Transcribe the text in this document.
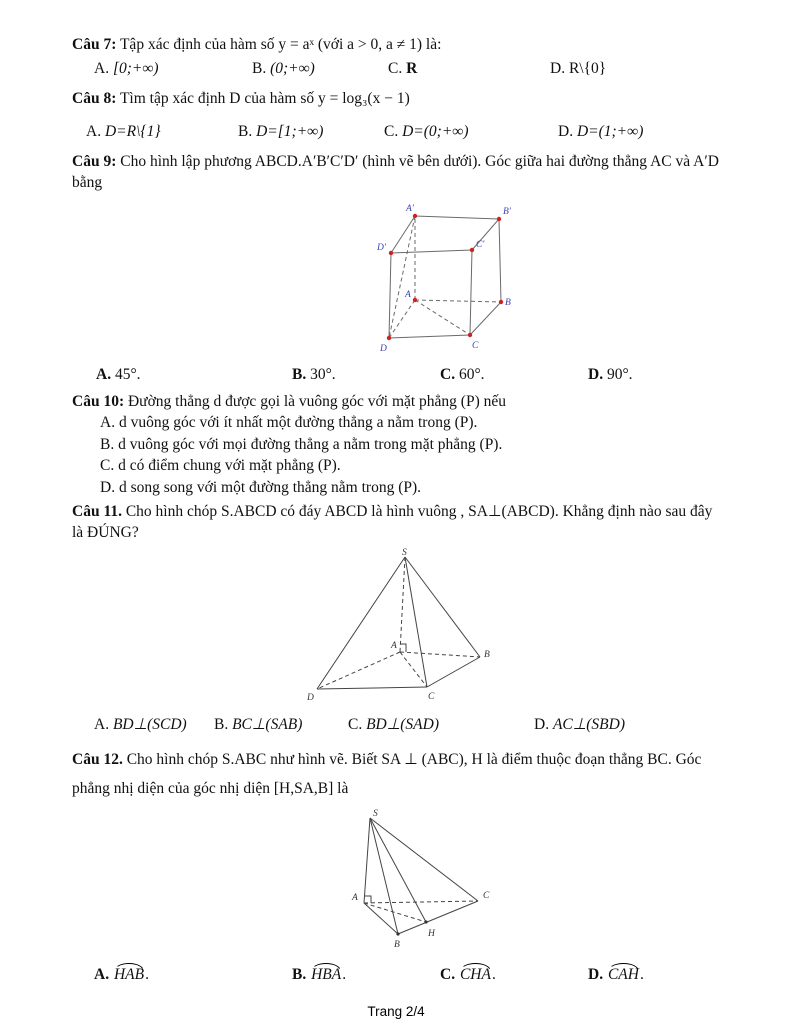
Câu 7: Tập xác định của hàm số y = aˣ (với a > 0, a ≠ 1) là:
A. [0;+∞)	B. (0;+∞)	C. R	D. R\{0}
Câu 8: Tìm tập xác định D của hàm số y = log₃(x − 1)
A. D=R\{1}	B. D=[1;+∞)	C. D=(0;+∞)	D. D=(1;+∞)
Câu 9: Cho hình lập phương ABCD.A′B′C′D′ (hình vẽ bên dưới). Góc giữa hai đường thẳng AC và A′D bằng
A′	B′
C′
D′
A
B
C
D
A. 45°.	B. 30°.	C. 60°.	D. 90°.
Câu 10: Đường thẳng d được gọi là vuông góc với mặt phẳng (P) nếu
A. d vuông góc với ít nhất một đường thẳng a nằm trong (P).
B. d vuông góc với mọi đường thẳng a nằm trong mặt phẳng (P).
C. d có điểm chung với mặt phẳng (P).
D. d song song với một đường thẳng nằm trong (P).
Câu 11. Cho hình chóp S.ABCD có đáy ABCD là hình vuông , SA⊥(ABCD). Khẳng định nào sau đây là ĐÚNG?
S
A
B
C
D
A. BD⊥(SCD)	B. BC⊥(SAB)	C. BD⊥(SAD)	D. AC⊥(SBD)
Câu 12. Cho hình chóp S.ABC như hình vẽ. Biết SA ⊥ (ABC), H là điểm thuộc đoạn thẳng BC. Góc phẳng nhị diện của góc nhị diện [H,SA,B] là
S
A
B
C
H
A. HAB.	B. HBA.	C. CHA.	D. CAH.
Trang 2/4
